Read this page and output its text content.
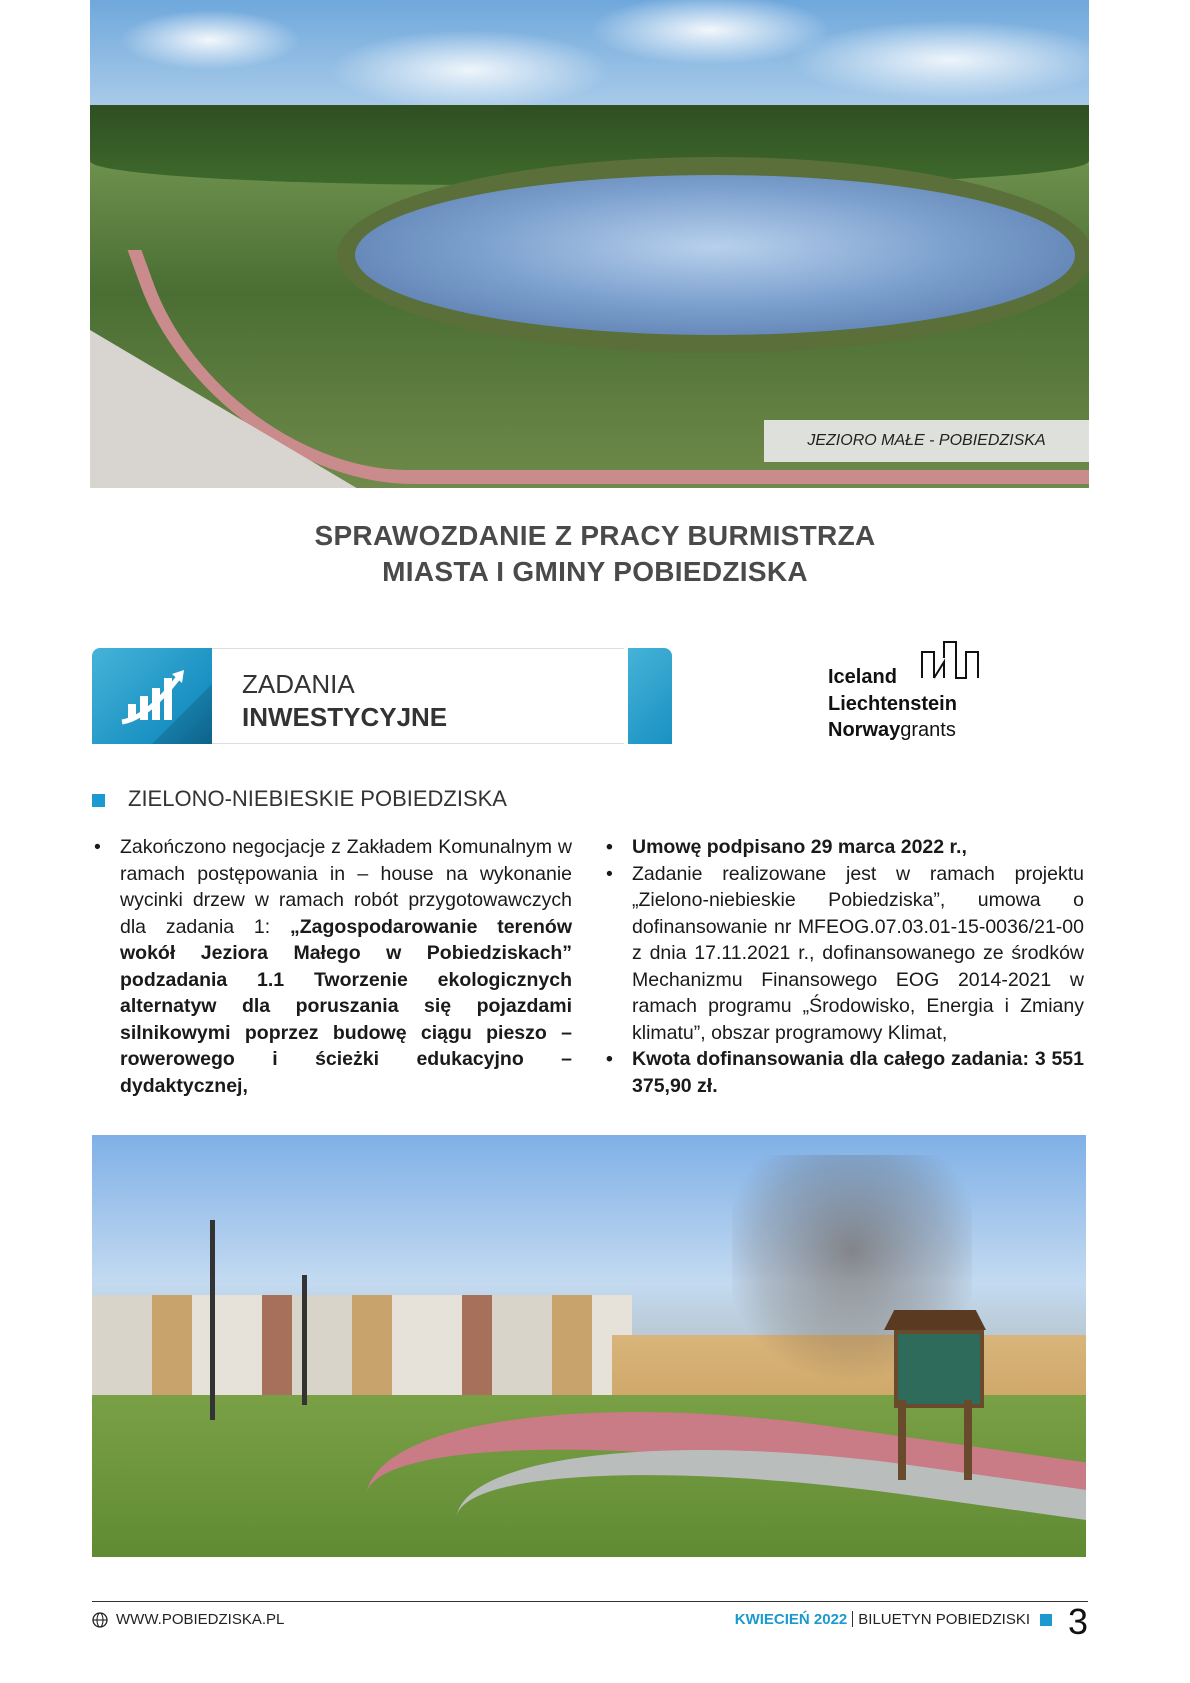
JEZIORO MAŁE - POBIEDZISKA
SPRAWOZDANIE Z PRACY BURMISTRZA
MIASTA I GMINY POBIEDZISKA
ZADANIA
INWESTYCYJNE
Iceland
Liechtenstein
Norwaygrants
ZIELONO-NIEBIESKIE POBIEDZISKA
• Zakończono negocjacje z Zakładem Komunalnym w ramach postępowania in – house na wykonanie wycinki drzew w ramach robót przygotowawczych dla zadania 1: „Zagospodarowanie terenów wokół Jeziora Małego w Pobiedziskach” podzadania 1.1 Tworzenie ekologicznych alternatyw dla poruszania się pojazdami silnikowymi poprzez budowę ciągu pieszo – rowerowego i ścieżki edukacyjno – dydaktycznej,
• Umowę podpisano 29 marca 2022 r.,
• Zadanie realizowane jest w ramach projektu „Zielono-niebieskie Pobiedziska”, umowa o dofinansowanie nr MFEOG.07.03.01-15-0036/21-00 z dnia 17.11.2021 r., dofinansowanego ze środków Mechanizmu Finansowego EOG 2014-2021 w ramach programu „Środowisko, Energia i Zmiany klimatu”, obszar programowy Klimat,
• Kwota dofinansowania dla całego zadania: 3 551 375,90 zł.
WWW.POBIEDZISKA.PL	KWIECIEŃ 2022 BILUETYN POBIEDZISKI 3
